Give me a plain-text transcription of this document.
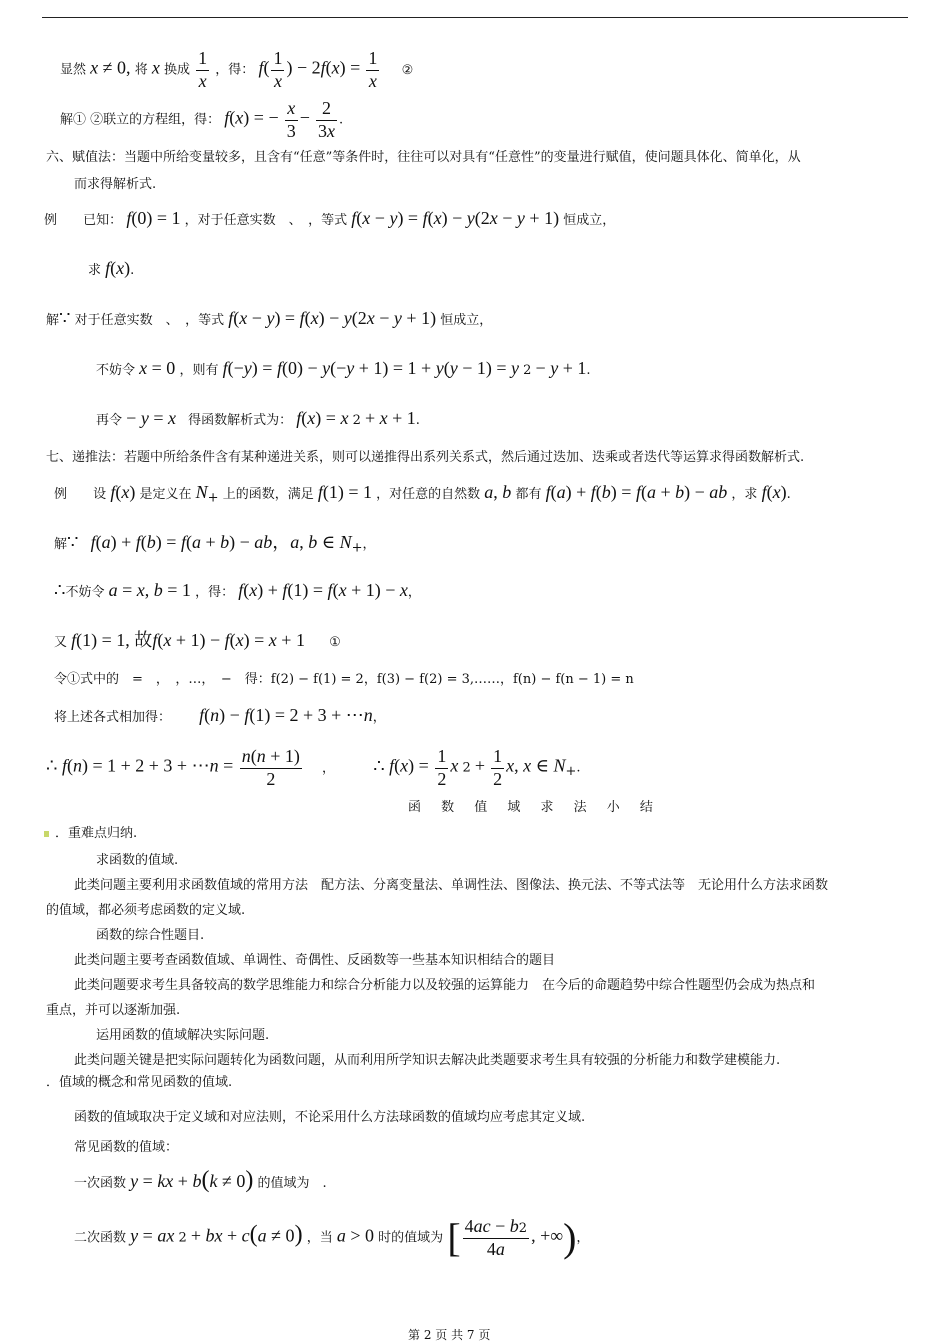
显然 x ≠ 0, 将 x 换成 $\frac{1}{x}$ ，得： $f( \frac{1}{x}$ ) − $2f(x) = \frac{1}{x}$ ②
解① ②联立的方程组，得： f(x) = − $\frac{x}{3} - \frac{2}{3x}$ .
六、赋值法：当题中所给变量较多，且含有“任意”等条件时，往往可以对具有“任意性”的变量进行赋值，使问题具体化、简单化，从
而求得解析式.
例 已知： f(0) = 1 ，对于任意实数　、　，等式 f(x − y) = f(x) − y(2x − y + 1) 恒成立，
求 f(x).
解∵ 对于任意实数　、　，等式 f(x − y) = f(x) − y(2x − y + 1) 恒成立，
不妨令 x = 0 ，则有 f(−y) = f(0) − y(−y + 1) = 1 + y(y − 1) = y 2 − y + 1.
再令 − y = x 得函数解析式为： f(x) = x 2 + x + 1.
七、递推法：若题中所给条件含有某种递进关系，则可以递推得出系列关系式，然后通过迭加、迭乘或者迭代等运算求得函数解析式.
例 设 f(x) 是定义在 $N_+$ 上的函数，满足 f(1) = 1 ，对任意的自然数 a, b 都有 f(a) + f(b) = f(a + b) − ab ，求 f(x).
解∵ f(a) + f(b) = f(a + b) − ab，a, b ∈ $N_+$，
∴不妨令 a = x, b = 1 ，得： f(x) + f(1) = f(x + 1) − x，
又 f(1) = 1, 故f(x + 1) − f(x) = x + 1 ①
令①式中的　=　，　，…，　−　得：f(2) − f(1) = 2，f(3) − f(2) = 3,……，f(n) − f(n − 1) = n
将上述各式相加得： f(n) − f(1) = 2 + 3 + ⋯n，
∴ f(n) = 1 + 2 + 3 + ⋯n = $\frac{n(n + 1)}{2}$ ， ∴ $f(x) = \frac{1}{2}$ x $2 + \frac{1}{2} x$, x ∈ $N_+$.
函 数 值 域 求 法 小 结
．重难点归纳.
求函数的值域.
此类问题主要利用求函数值域的常用方法　配方法、分离变量法、单调性法、图像法、换元法、不等式法等　无论用什么方法求函数
的值域，都必须考虑函数的定义域.
函数的综合性题目.
此类问题主要考查函数值域、单调性、奇偶性、反函数等一些基本知识相结合的题目
此类问题要求考生具备较高的数学思维能力和综合分析能力以及较强的运算能力　在今后的命题趋势中综合性题型仍会成为热点和
重点，并可以逐渐加强.
运用函数的值域解决实际问题.
此类问题关键是把实际问题转化为函数问题，从而利用所学知识去解决此类题要求考生具有较强的分析能力和数学建模能力.
．值域的概念和常见函数的值域.
函数的值域取决于定义域和对应法则，不论采用什么方法球函数的值域均应考虑其定义域.
常见函数的值域：
一次函数 y = kx + b(k ≠ 0) 的值域为　.
二次函数 y = ax 2 + bx + c(a ≠ 0) ，当 a > 0 时的值域为 [ $\frac{4ac - b2}{4a}$ , +∞)，
第 2 页 共 7 页
